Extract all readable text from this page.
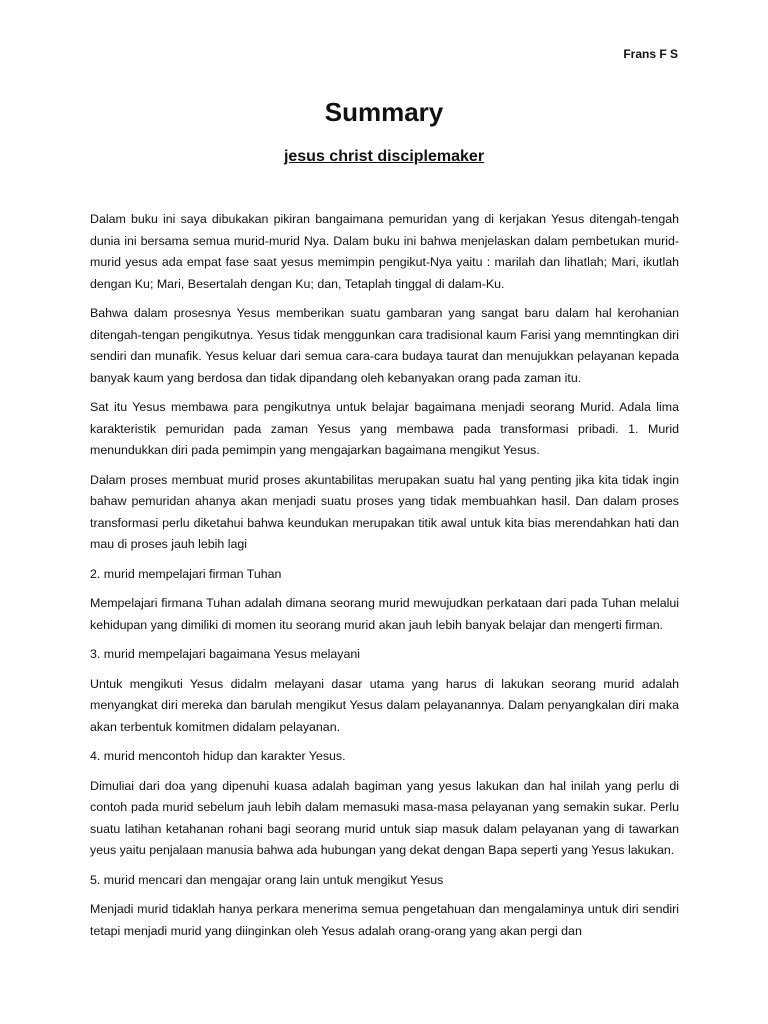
Frans F S
Summary
jesus christ disciplemaker

Dalam buku ini saya dibukakan pikiran bangaimana pemuridan yang di kerjakan Yesus ditengah-tengah dunia ini bersama semua murid-murid Nya. Dalam buku ini bahwa menjelaskan dalam pembetukan murid-murid yesus ada empat fase saat yesus memimpin pengikut-Nya yaitu : marilah dan lihatlah; Mari, ikutlah dengan Ku; Mari, Besertalah dengan Ku; dan, Tetaplah tinggal di dalam-Ku.

Bahwa dalam prosesnya Yesus memberikan suatu gambaran yang sangat baru dalam hal kerohanian ditengah-tengan pengikutnya. Yesus tidak menggunkan cara tradisional kaum Farisi yang memntingkan diri sendiri dan munafik. Yesus keluar dari semua cara-cara budaya taurat dan menujukkan pelayanan kepada banyak kaum yang berdosa dan tidak dipandang oleh kebanyakan orang pada zaman itu.

Sat itu Yesus membawa para pengikutnya untuk belajar bagaimana menjadi seorang Murid. Adala lima karakteristik pemuridan pada zaman Yesus yang membawa pada transformasi pribadi. 1. Murid menundukkan diri pada pemimpin yang mengajarkan bagaimana mengikut Yesus.

Dalam proses membuat murid proses akuntabilitas merupakan suatu hal yang penting jika kita tidak ingin bahaw pemuridan ahanya akan menjadi suatu proses yang tidak membuahkan hasil. Dan dalam proses transformasi perlu diketahui bahwa keundukan merupakan titik awal untuk kita bias merendahkan hati dan mau di proses jauh lebih lagi

2. murid mempelajari firman Tuhan

Mempelajari firmana Tuhan adalah dimana seorang murid mewujudkan perkataan dari pada Tuhan melalui kehidupan yang dimiliki di momen itu seorang murid akan jauh lebih banyak belajar dan mengerti firman.

3. murid mempelajari bagaimana Yesus melayani

Untuk mengikuti Yesus didalm melayani dasar utama yang harus di lakukan seorang murid adalah menyangkat diri mereka dan barulah mengikut Yesus dalam pelayanannya. Dalam penyangkalan diri maka akan terbentuk komitmen didalam pelayanan.

4. murid mencontoh hidup dan karakter Yesus.

Dimuliai dari doa yang dipenuhi kuasa adalah bagiman yang yesus lakukan dan hal inilah yang perlu di contoh pada murid sebelum jauh lebih dalam memasuki masa-masa pelayanan yang semakin sukar. Perlu suatu latihan ketahanan rohani bagi seorang murid untuk siap masuk dalam pelayanan yang di tawarkan yeus yaitu penjalaan manusia bahwa ada hubungan yang dekat dengan Bapa seperti yang Yesus lakukan.

5. murid mencari dan mengajar orang lain untuk mengikut Yesus

Menjadi murid tidaklah hanya perkara menerima semua pengetahuan dan mengalaminya untuk diri sendiri tetapi menjadi murid yang diinginkan oleh Yesus adalah orang-orang yang akan pergi dan
